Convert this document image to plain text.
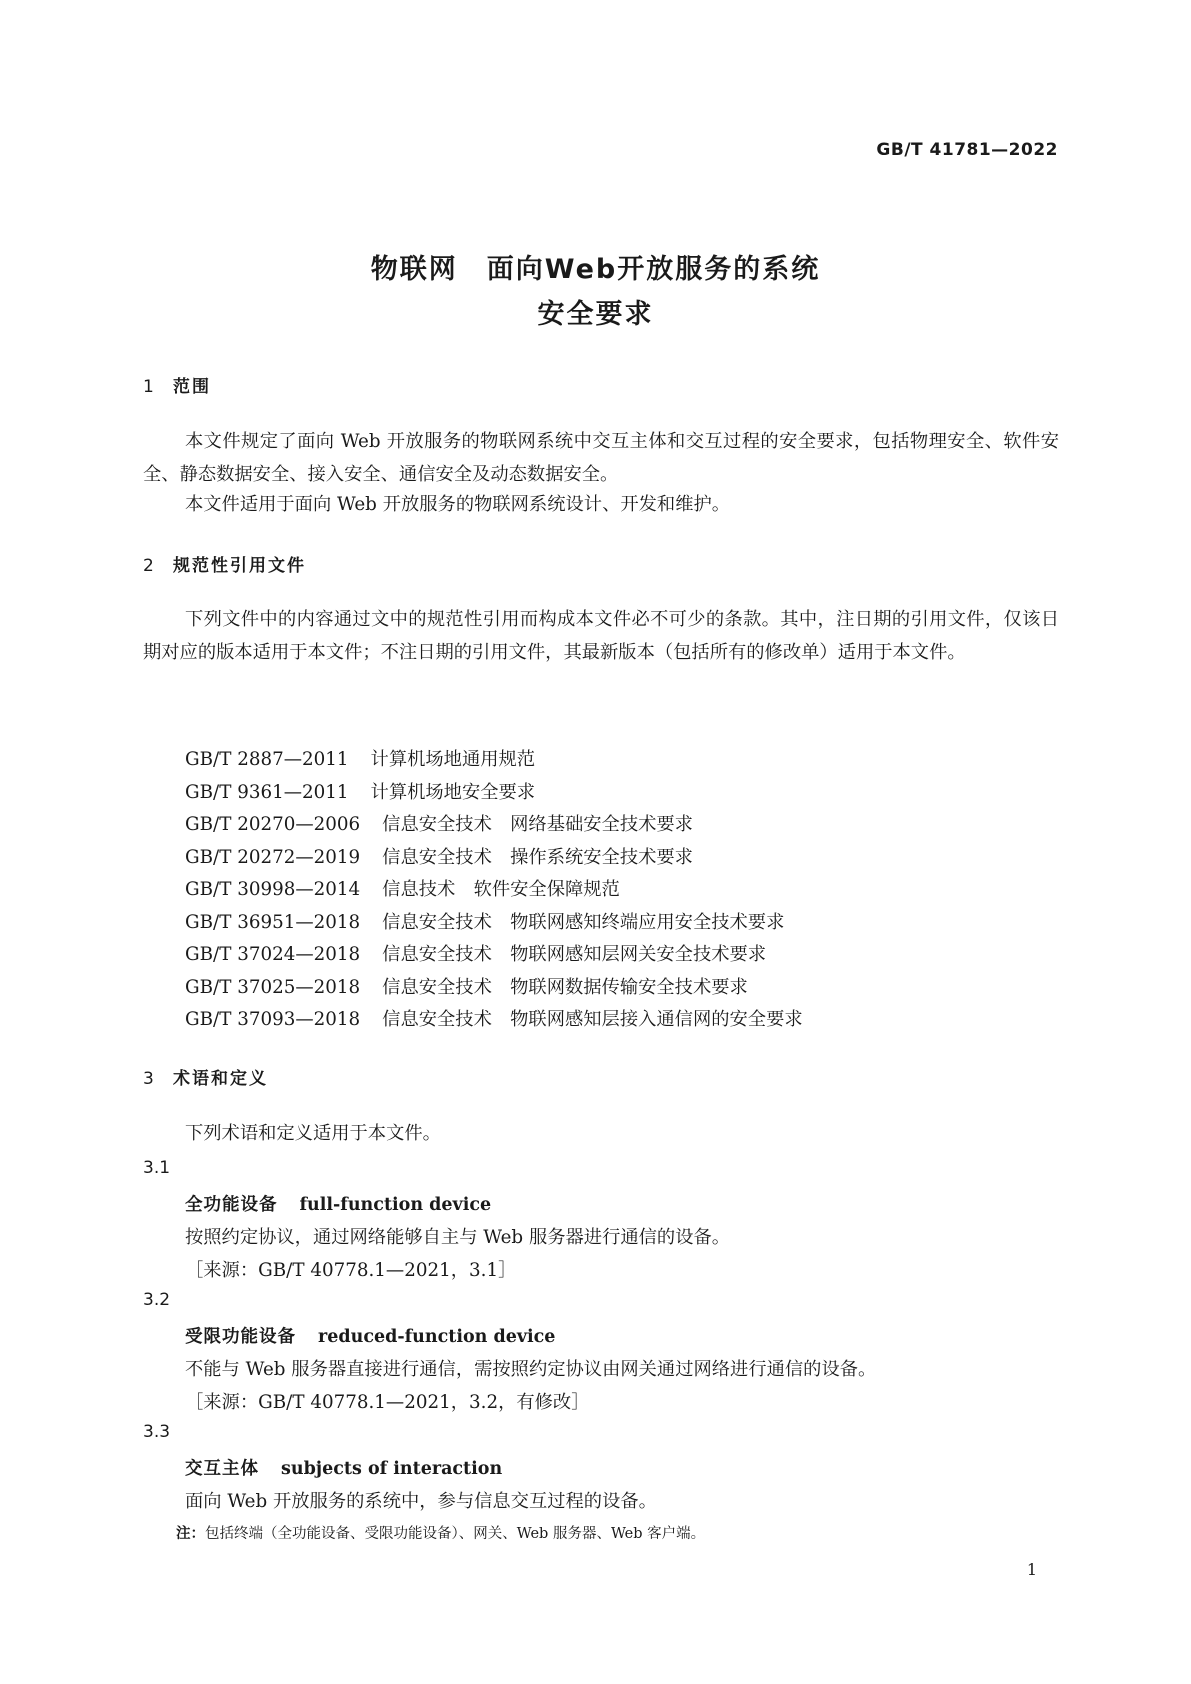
GB/T 41781—2022
物联网　面向Web开放服务的系统
安全要求
1 范围
本文件规定了面向 Web 开放服务的物联网系统中交互主体和交互过程的安全要求，包括物理安全、软件安全、静态数据安全、接入安全、通信安全及动态数据安全。
本文件适用于面向 Web 开放服务的物联网系统设计、开发和维护。
2 规范性引用文件
下列文件中的内容通过文中的规范性引用而构成本文件必不可少的条款。其中，注日期的引用文件，仅该日期对应的版本适用于本文件；不注日期的引用文件，其最新版本（包括所有的修改单）适用于本文件。
GB/T 2887—2011 计算机场地通用规范
GB/T 9361—2011 计算机场地安全要求
GB/T 20270—2006 信息安全技术　网络基础安全技术要求
GB/T 20272—2019 信息安全技术　操作系统安全技术要求
GB/T 30998—2014 信息技术　软件安全保障规范
GB/T 36951—2018 信息安全技术　物联网感知终端应用安全技术要求
GB/T 37024—2018 信息安全技术　物联网感知层网关安全技术要求
GB/T 37025—2018 信息安全技术　物联网数据传输安全技术要求
GB/T 37093—2018 信息安全技术　物联网感知层接入通信网的安全要求
3 术语和定义
下列术语和定义适用于本文件。
3.1
全功能设备 full-function device
按照约定协议，通过网络能够自主与 Web 服务器进行通信的设备。
［来源：GB/T 40778.1—2021，3.1］
3.2
受限功能设备 reduced-function device
不能与 Web 服务器直接进行通信，需按照约定协议由网关通过网络进行通信的设备。
［来源：GB/T 40778.1—2021，3.2，有修改］
3.3
交互主体 subjects of interaction
面向 Web 开放服务的系统中，参与信息交互过程的设备。
注：包括终端（全功能设备、受限功能设备）、网关、Web 服务器、Web 客户端。
1
